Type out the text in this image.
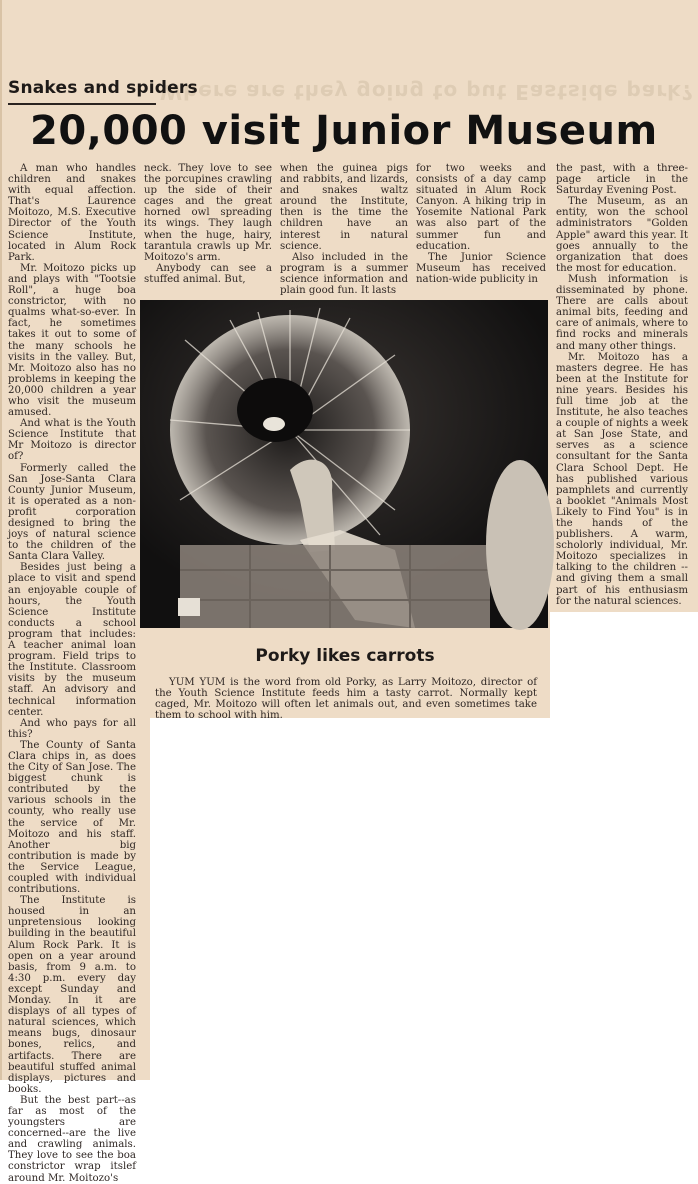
Where are they going to put Eastside park?
Snakes and spiders
20,000 visit Junior Museum

A man who handles children and snakes with equal affection. That's Laurence Moitozo, M.S. Executive Director of the Youth Science Institute, located in Alum Rock Park.

Mr. Moitozo picks up and plays with "Tootsie Roll", a huge boa constrictor, with no qualms what-so-ever. In fact, he sometimes takes it out to some of the many schools he visits in the valley. But, Mr. Moitozo also has no problems in keeping the 20,000 children a year who visit the museum amused.

And what is the Youth Science Institute that Mr Moitozo is director of?

Formerly called the San Jose-Santa Clara County Junior Museum, it is operated as a non-profit corporation designed to bring the joys of natural science to the children of the Santa Clara Valley.

Besides just being a place to visit and spend an enjoyable couple of hours, the Youth Science Institute conducts a school program that includes: A teacher animal loan program. Field trips to the Institute. Classroom visits by the museum staff. An advisory and technical information center.

And who pays for all this?

The County of Santa Clara chips in, as does the City of San Jose. The biggest chunk is contributed by the various schools in the county, who really use the service of Mr. Moitozo and his staff. Another big contribution is made by the Service League, coupled with individual contributions.

The Institute is housed in an unpretensious looking building in the beautiful Alum Rock Park. It is open on a year around basis, from 9 a.m. to 4:30 p.m. every day except Sunday and Monday. In it are displays of all types of natural sciences, which means bugs, dinosaur bones, relics, and artifacts. There are beautiful stuffed animal displays, pictures and books.

But the best part--as far as most of the youngsters are concerned--are the live and crawling animals. They love to see the boa constrictor wrap itslef around Mr. Moitozo's

neck. They love to see the porcupines crawling up the side of their cages and the great horned owl spreading its wings. They laugh when the huge, hairy, tarantula crawls up Mr. Moitozo's arm.

Anybody can see a stuffed animal. But,

when the guinea pigs and rabbits, and lizards, and snakes waltz around the Institute, then is the time the children have an interest in natural science.

Also included in the program is a summer science information and plain good fun. It lasts

for two weeks and consists of a day camp situated in Alum Rock Canyon. A hiking trip in Yosemite National Park was also part of the summer fun and education.

The Junior Science Museum has received nation-wide publicity in

the past, with a three-page article in the Saturday Evening Post.

The Museum, as an entity, won the school administrators "Golden Apple" award this year. It goes annually to the organization that does the most for education.

Mush information is disseminated by phone. There are calls about animal bits, feeding and care of animals, where to find rocks and minerals and many other things.

Mr. Moitozo has a masters degree. He has been at the Institute for nine years. Besides his full time job at the Institute, he also teaches a couple of nights a week at San Jose State, and serves as a science consultant for the Santa Clara School Dept. He has published various pamphlets and currently a booklet "Animals Most Likely to Find You" is in the hands of the publishers. A warm, scholorly individual, Mr. Moitozo specializes in talking to the children -- and giving them a small part of his enthusiasm for the natural sciences.

Porky likes carrots

YUM YUM is the word from old Porky, as Larry Moitozo, director of the Youth Science Institute feeds him a tasty carrot. Normally kept caged, Mr. Moitozo will often let animals out, and even sometimes take them to school with him.
